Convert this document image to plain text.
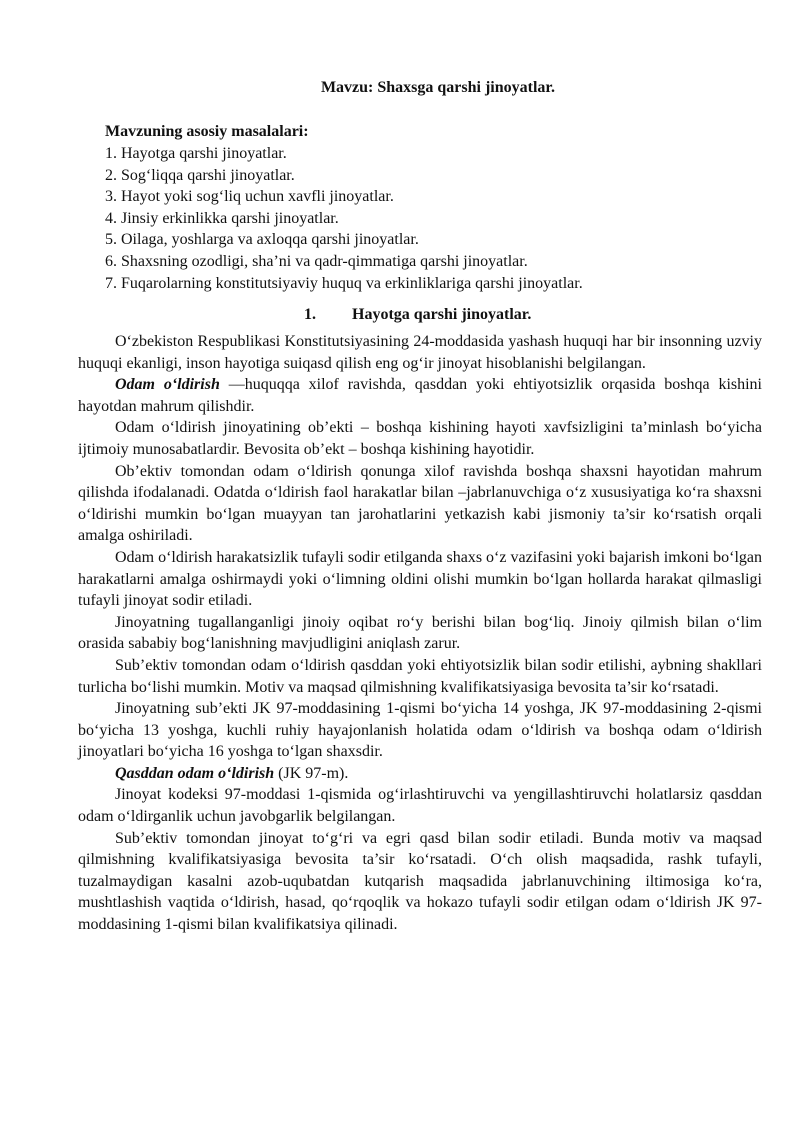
Mavzu: Shaxsga qarshi jinoyatlar.
Mavzuning asosiy masalalari:
1. Hayotga qarshi jinoyatlar.
2. Sog‘liqqa qarshi jinoyatlar.
3. Hayot yoki sog‘liq uchun xavfli jinoyatlar.
4. Jinsiy erkinlikka qarshi jinoyatlar.
5. Oilaga, yoshlarga va axloqqa qarshi jinoyatlar.
6. Shaxsning ozodligi, sha’ni va qadr-qimmatiga qarshi jinoyatlar.
7. Fuqarolarning konstitutsiyaviy huquq va erkinliklariga qarshi jinoyatlar.
1. Hayotga qarshi jinoyatlar.

O‘zbekiston Respublikasi Konstitutsiyasining 24-moddasida yashash huquqi har bir insonning uzviy huquqi ekanligi, inson hayotiga suiqasd qilish eng og‘ir jinoyat hisoblanishi belgilangan.

Odam o‘ldirish —huquqqa xilof ravishda, qasddan yoki ehtiyotsizlik orqasida boshqa kishini hayotdan mahrum qilishdir.

Odam o‘ldirish jinoyatining ob’ekti – boshqa kishining hayoti xavfsizligini ta’minlash bo‘yicha ijtimoiy munosabatlardir. Bevosita ob’ekt – boshqa kishining hayotidir.

Ob’ektiv tomondan odam o‘ldirish qonunga xilof ravishda boshqa shaxsni hayotidan mahrum qilishda ifodalanadi. Odatda o‘ldirish faol harakatlar bilan –jabrlanuvchiga o‘z xususiyatiga ko‘ra shaxsni o‘ldirishi mumkin bo‘lgan muayyan tan jarohatlarini yetkazish kabi jismoniy ta’sir ko‘rsatish orqali amalga oshiriladi.

Odam o‘ldirish harakatsizlik tufayli sodir etilganda shaxs o‘z vazifasini yoki bajarish imkoni bo‘lgan harakatlarni amalga oshirmaydi yoki o‘limning oldini olishi mumkin bo‘lgan hollarda harakat qilmasligi tufayli jinoyat sodir etiladi.

Jinoyatning tugallanganligi jinoiy oqibat ro‘y berishi bilan bog‘liq. Jinoiy qilmish bilan o‘lim orasida sababiy bog‘lanishning mavjudligini aniqlash zarur.

Sub’ektiv tomondan odam o‘ldirish qasddan yoki ehtiyotsizlik bilan sodir etilishi, aybning shakllari turlicha bo‘lishi mumkin. Motiv va maqsad qilmishning kvalifikatsiyasiga bevosita ta’sir ko‘rsatadi.

Jinoyatning sub’ekti JK 97-moddasining 1-qismi bo‘yicha 14 yoshga, JK 97-moddasining 2-qismi bo‘yicha 13 yoshga, kuchli ruhiy hayajonlanish holatida odam o‘ldirish va boshqa odam o‘ldirish jinoyatlari bo‘yicha 16 yoshga to‘lgan shaxsdir.

Qasddan odam o‘ldirish (JK 97-m).

Jinoyat kodeksi 97-moddasi 1-qismida og‘irlashtiruvchi va yengillashtiruvchi holatlarsiz qasddan odam o‘ldirganlik uchun javobgarlik belgilangan.

Sub’ektiv tomondan jinoyat to‘g‘ri va egri qasd bilan sodir etiladi. Bunda motiv va maqsad qilmishning kvalifikatsiyasiga bevosita ta’sir ko‘rsatadi. O‘ch olish maqsadida, rashk tufayli, tuzalmaydigan kasalni azob-uqubatdan kutqarish maqsadida jabrlanuvchining iltimosiga ko‘ra, mushtlashish vaqtida o‘ldirish, hasad, qo‘rqoqlik va hokazo tufayli sodir etilgan odam o‘ldirish JK 97-moddasining 1-qismi bilan kvalifikatsiya qilinadi.
